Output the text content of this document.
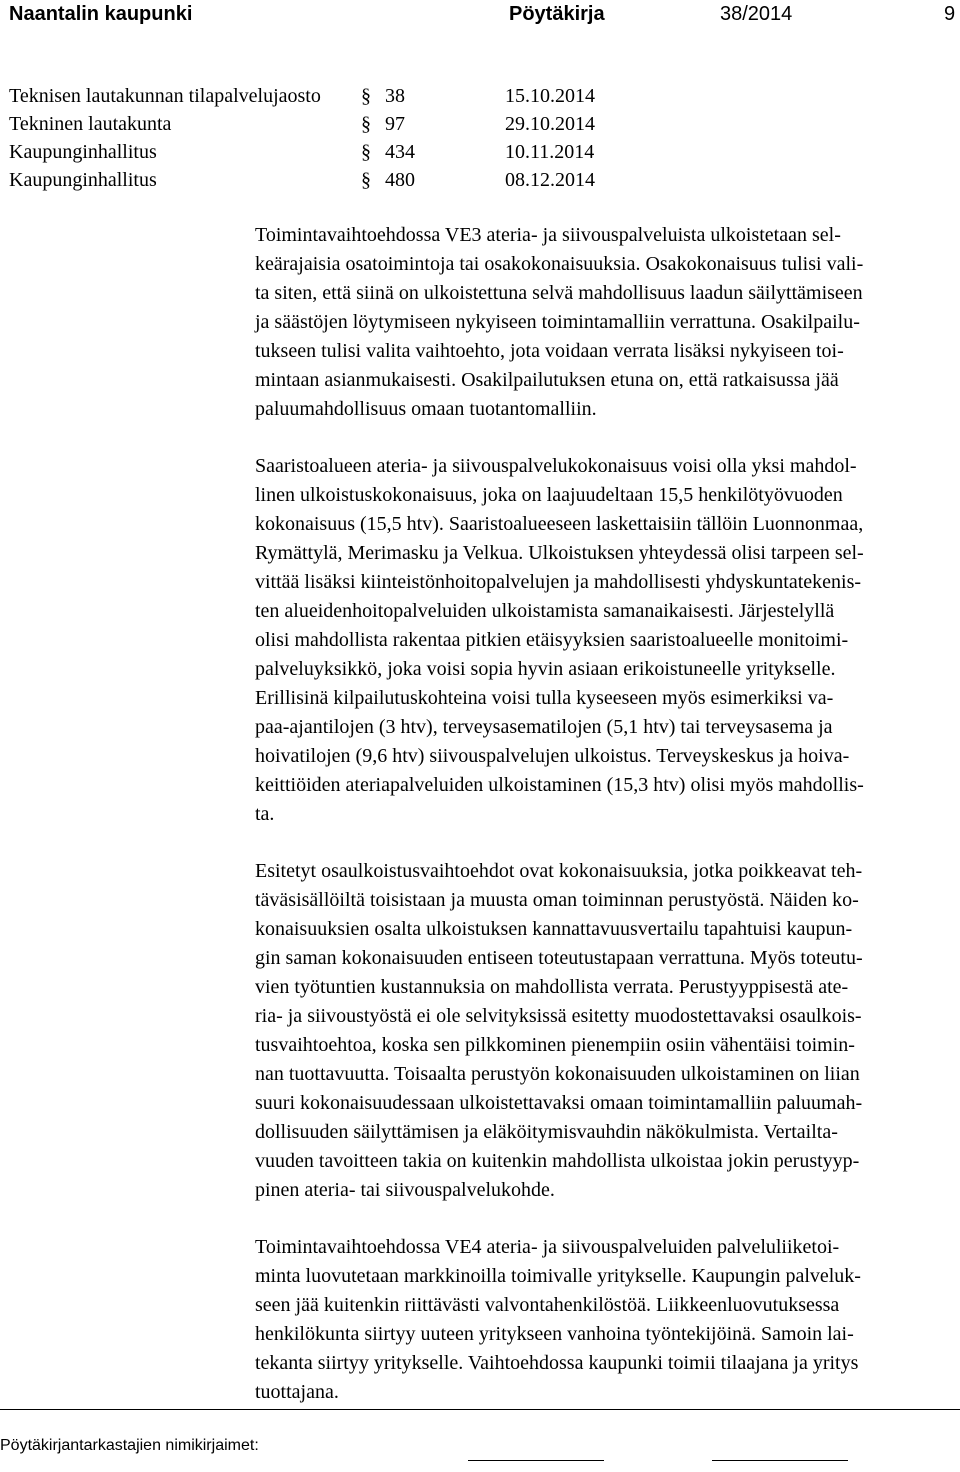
Naantalin kaupunki	Pöytäkirja	38/2014	9
Teknisen lautakunnan tilapalvelujaosto	§ 38	15.10.2014
Tekninen lautakunta	§ 97	29.10.2014
Kaupunginhallitus	§ 434	10.11.2014
Kaupunginhallitus	§ 480	08.12.2014

Toimintavaihtoehdossa VE3 ateria- ja siivouspalveluista ulkoistetaan sel-
keärajaisia osatoimintoja tai osakokonaisuuksia. Osakokonaisuus tulisi vali-
ta siten, että siinä on ulkoistettuna selvä mahdollisuus laadun säilyttämiseen
ja säästöjen löytymiseen nykyiseen toimintamalliin verrattuna. Osakilpailu-
tukseen tulisi valita vaihtoehto, jota voidaan verrata lisäksi nykyiseen toi-
mintaan asianmukaisesti. Osakilpailutuksen etuna on, että ratkaisussa jää
paluumahdollisuus omaan tuotantomalliin.

Saaristoalueen ateria- ja siivouspalvelukokonaisuus voisi olla yksi mahdol-
linen ulkoistuskokonaisuus, joka on laajuudeltaan 15,5 henkilötyövuoden
kokonaisuus (15,5 htv). Saaristoalueeseen laskettaisiin tällöin Luonnonmaa,
Rymättylä, Merimasku ja Velkua. Ulkoistuksen yhteydessä olisi tarpeen sel-
vittää lisäksi kiinteistönhoitopalvelujen ja mahdollisesti yhdyskuntatekenis-
ten alueidenhoitopalveluiden ulkoistamista samanaikaisesti. Järjestelyllä
olisi mahdollista rakentaa pitkien etäisyyksien saaristoalueelle monitoimi-
palveluyksikkö, joka voisi sopia hyvin asiaan erikoistuneelle yritykselle.
Erillisinä kilpailutuskohteina voisi tulla kyseeseen myös esimerkiksi va-
paa-ajantilojen (3 htv), terveysasematilojen (5,1 htv) tai terveysasema ja
hoivatilojen (9,6 htv) siivouspalvelujen ulkoistus. Terveyskeskus ja hoiva-
keittiöiden ateriapalveluiden ulkoistaminen (15,3 htv) olisi myös mahdollis-
ta.

Esitetyt osaulkoistusvaihtoehdot ovat kokonaisuuksia, jotka poikkeavat teh-
täväsisällöiltä toisistaan ja muusta oman toiminnan perustyöstä. Näiden ko-
konaisuuksien osalta ulkoistuksen kannattavuusvertailu tapahtuisi kaupun-
gin saman kokonaisuuden entiseen toteutustapaan verrattuna. Myös toteutu-
vien työtuntien kustannuksia on mahdollista verrata. Perustyyppisestä ate-
ria- ja siivoustyöstä ei ole selvityksissä esitetty muodostettavaksi osaulkois-
tusvaihtoehtoa, koska sen pilkkominen pienempiin osiin vähentäisi toimin-
nan tuottavuutta. Toisaalta perustyön kokonaisuuden ulkoistaminen on liian
suuri kokonaisuudessaan ulkoistettavaksi omaan toimintamalliin paluumah-
dollisuuden säilyttämisen ja eläköitymisvauhdin näkökulmista. Vertailta-
vuuden tavoitteen takia on kuitenkin mahdollista ulkoistaa jokin perustyyp-
pinen ateria- tai siivouspalvelukohde.

Toimintavaihtoehdossa VE4 ateria- ja siivouspalveluiden palveluliiketoi-
minta luovutetaan markkinoilla toimivalle yritykselle. Kaupungin palveluk-
seen jää kuitenkin riittävästi valvontahenkilöstöä. Liikkeenluovutuksessa
henkilökunta siirtyy uuteen yritykseen vanhoina työntekijöinä. Samoin lai-
tekanta siirtyy yritykselle. Vaihtoehdossa kaupunki toimii tilaajana ja yritys
tuottajana.

Pöytäkirjantarkastajien nimikirjaimet:
